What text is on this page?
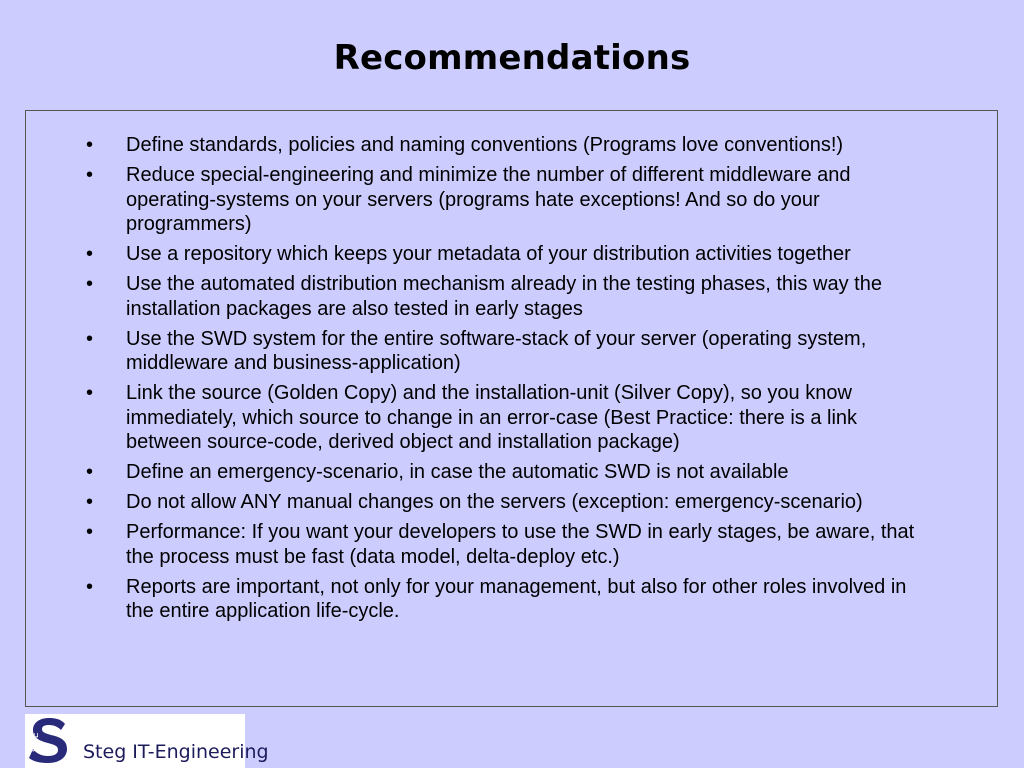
Recommendations
• Define standards, policies and naming conventions (Programs love conventions!)
• Reduce special-engineering and minimize the number of different middleware and operating-systems on your servers (programs hate exceptions! And so do your programmers)
• Use a repository which keeps your metadata of your distribution activities together
• Use the automated distribution mechanism already in the testing phases, this way the installation packages are also tested in early stages
• Use the SWD system for the entire software-stack of your server (operating system, middleware and business-application)
• Link the source (Golden Copy) and the installation-unit (Silver Copy), so you know immediately, which source to change in an error-case (Best Practice: there is a link between source-code, derived object and installation package)
• Define an emergency-scenario, in case the automatic SWD is not available
• Do not allow ANY manual changes on the servers (exception: emergency-scenario)
• Performance: If you want your developers to use the SWD in early stages, be aware, that the process must be fast (data model, delta-deploy etc.)
• Reports are important, not only for your management, but also for other roles involved in the entire application life-cycle.
SITE Steg IT-Engineering
